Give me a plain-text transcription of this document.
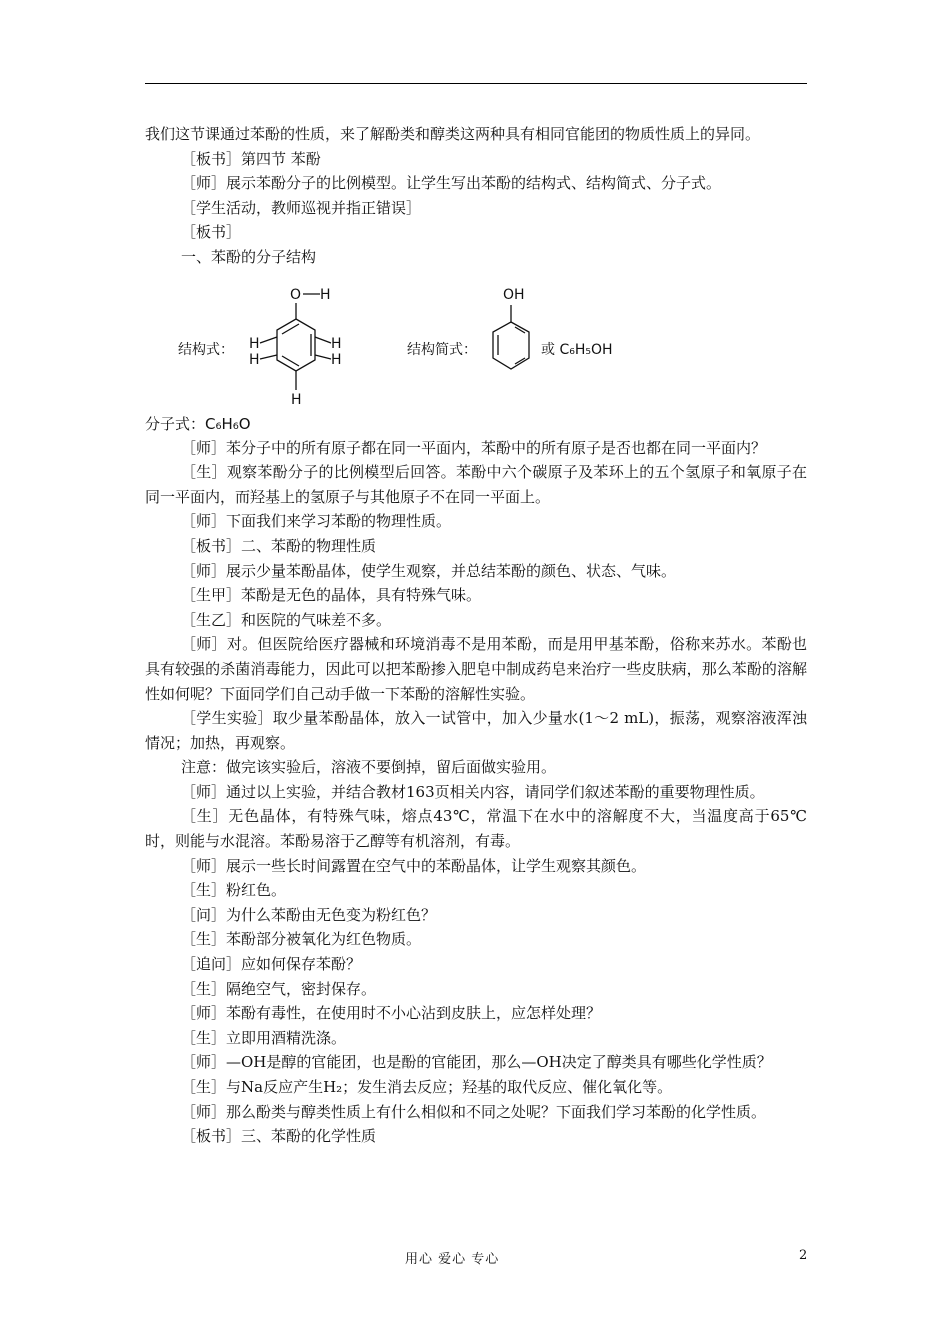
我们这节课通过苯酚的性质，来了解酚类和醇类这两种具有相同官能团的物质性质上的异同。

［板书］第四节 苯酚

［师］展示苯酚分子的比例模型。让学生写出苯酚的结构式、结构简式、分子式。

［学生活动，教师巡视并指正错误］

［板书］

一、苯酚的分子结构

结构式：
O H
H
H
H
H
H
结构简式：
OH
或 C₆H₅OH

分子式：C₆H₆O

［师］苯分子中的所有原子都在同一平面内，苯酚中的所有原子是否也都在同一平面内？

［生］观察苯酚分子的比例模型后回答。苯酚中六个碳原子及苯环上的五个氢原子和氧原子在同一平面内，而羟基上的氢原子与其他原子不在同一平面上。

［师］下面我们来学习苯酚的物理性质。

［板书］二、苯酚的物理性质

［师］展示少量苯酚晶体，使学生观察，并总结苯酚的颜色、状态、气味。

［生甲］苯酚是无色的晶体，具有特殊气味。

［生乙］和医院的气味差不多。

［师］对。但医院给医疗器械和环境消毒不是用苯酚，而是用甲基苯酚，俗称来苏水。苯酚也具有较强的杀菌消毒能力，因此可以把苯酚掺入肥皂中制成药皂来治疗一些皮肤病，那么苯酚的溶解性如何呢？下面同学们自己动手做一下苯酚的溶解性实验。

［学生实验］取少量苯酚晶体，放入一试管中，加入少量水(1～2 mL)，振荡，观察溶液浑浊情况；加热，再观察。

注意：做完该实验后，溶液不要倒掉，留后面做实验用。

［师］通过以上实验，并结合教材163页相关内容，请同学们叙述苯酚的重要物理性质。

［生］无色晶体，有特殊气味，熔点43℃，常温下在水中的溶解度不大，当温度高于65℃时，则能与水混溶。苯酚易溶于乙醇等有机溶剂，有毒。

［师］展示一些长时间露置在空气中的苯酚晶体，让学生观察其颜色。

［生］粉红色。

［问］为什么苯酚由无色变为粉红色？

［生］苯酚部分被氧化为红色物质。

［追问］应如何保存苯酚？

［生］隔绝空气，密封保存。

［师］苯酚有毒性，在使用时不小心沾到皮肤上，应怎样处理？

［生］立即用酒精洗涤。

［师］—OH是醇的官能团，也是酚的官能团，那么—OH决定了醇类具有哪些化学性质？

［生］与Na反应产生H₂；发生消去反应；羟基的取代反应、催化氧化等。

［师］那么酚类与醇类性质上有什么相似和不同之处呢？下面我们学习苯酚的化学性质。

［板书］三、苯酚的化学性质

用心 爱心 专心	2
